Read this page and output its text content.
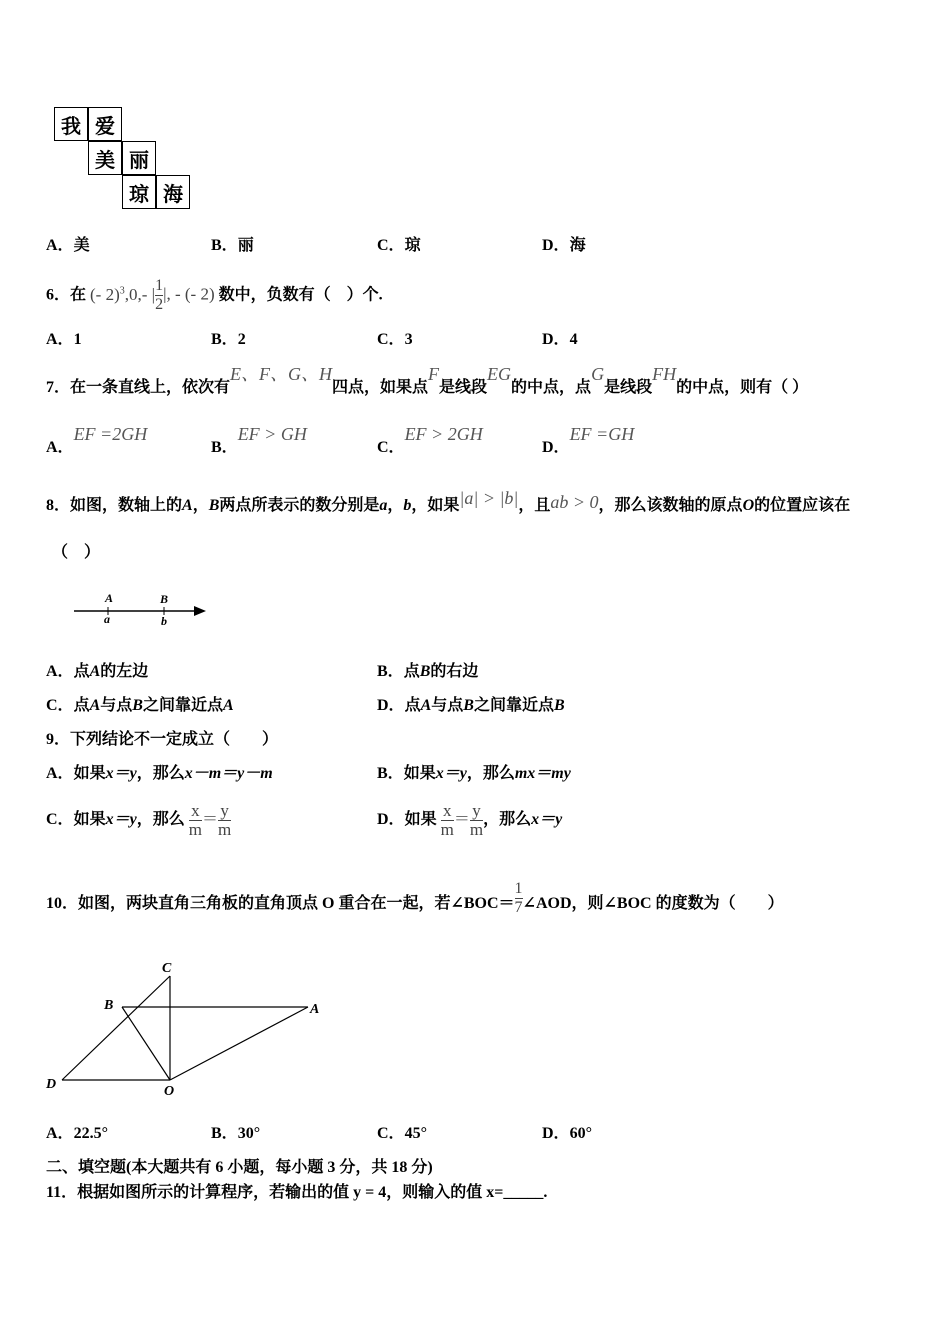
我 爱
美 丽
琼 海
A．美	B．丽	C．琼	D．海
6．在 (- 2)$^3$,0,- | $\frac{1}{2}$ |, - (- 2) 数中，负数有（　）个.
A．1	B．2	C．3	D．4
7．在一条直线上，依次有E、F、G、H四点，如果点F是线段EG的中点，点G是线段FH的中点，则有（ ）
A．EF =2GH
B．EF > GH
C．EF > 2GH
D．EF =GH
8．如图，数轴上的A，B两点所表示的数分别是a，b，如果|a| > |b|，且ab > 0，那么该数轴的原点O的位置应该在
（　）
A
a
B
b
A．点A的左边	B．点B的右边
C．点A与点B之间靠近点A	D．点A与点B之间靠近点B
9．下列结论不一定成立（　　）
A．如果x＝y，那么x－m＝y－m	B．如果x＝y，那么mx＝my
C．如果x＝y，那么 $\frac{x}{m} = \frac{y}{m}$	D．如果 $\frac{x}{m} = \frac{y}{m}$ ，那么x＝y
10．如图，两块直角三角板的直角顶点 O 重合在一起，若∠BOC＝ $\frac{1}{7}$ ∠AOD，则∠BOC 的度数为（　　）
C
B	A
D	O
A．22.5°	B．30°	C．45°	D．60°
二、填空题(本大题共有 6 小题，每小题 3 分，共 18 分)
11．根据如图所示的计算程序，若输出的值 y = 4，则输入的值 x=_____.
